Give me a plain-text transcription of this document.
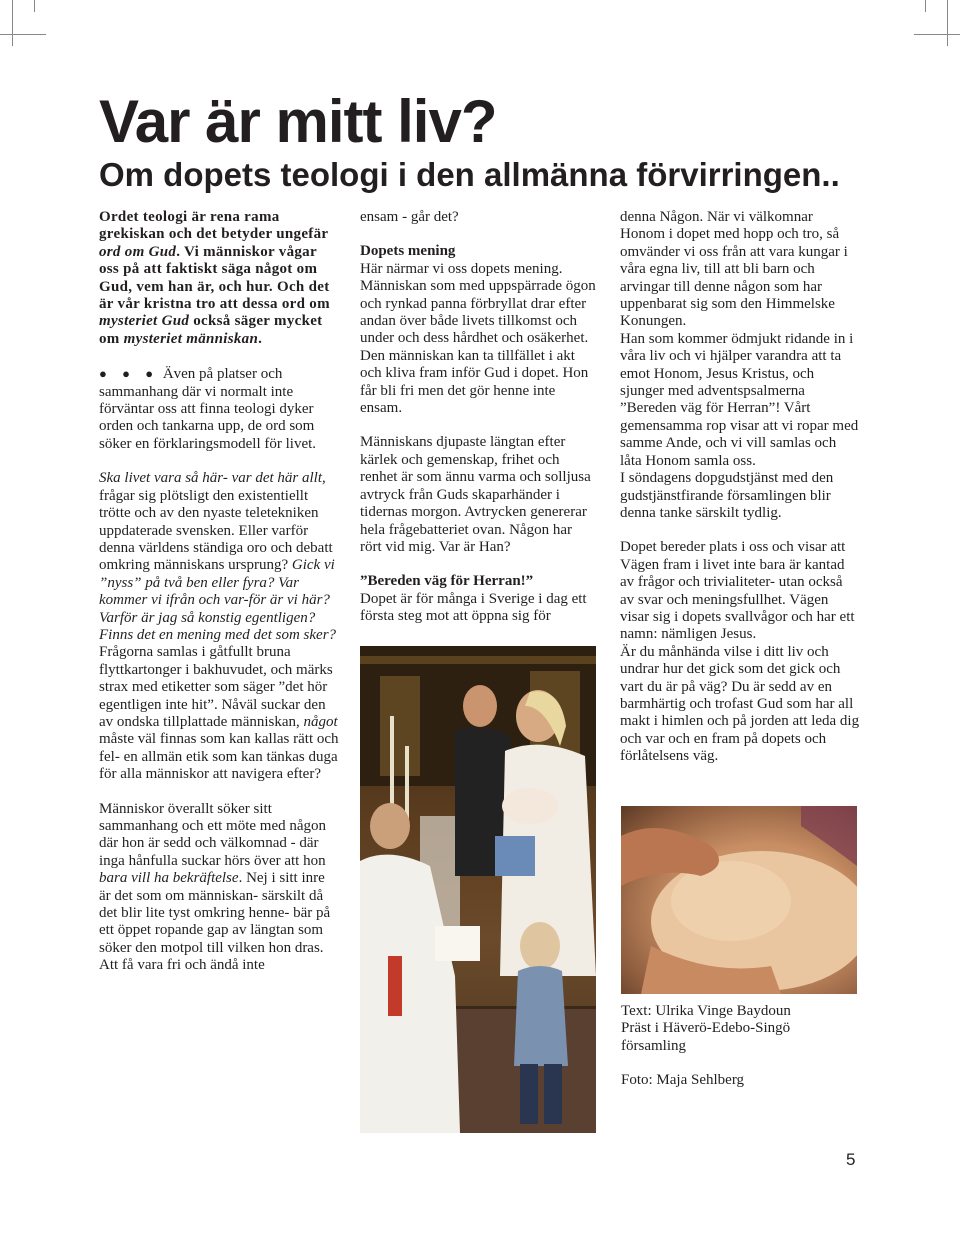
Var är mitt liv?
Om dopets teologi i den allmänna förvirringen..

Ordet teologi är rena rama grekiskan och det betyder ungefär ord om Gud. Vi människor vågar oss på att faktiskt säga något om Gud, vem han är, och hur. Och det är vår kristna tro att dessa ord om mysteriet Gud också säger mycket om mysteriet människan.

● ● ● Även på platser och sammanhang där vi normalt inte förväntar oss att finna teologi dyker orden och tankarna upp, de ord som söker en förklaringsmodell för livet.

Ska livet vara så här- var det här allt, frågar sig plötsligt den existentiellt trötte och av den nyaste teletekniken uppdaterade svensken. Eller varför denna världens ständiga oro och debatt omkring människans ursprung? Gick vi ”nyss” på två ben eller fyra? Var kommer vi ifrån och var-för är vi här? Varför är jag så konstig egentligen? Finns det en mening med det som sker? Frågorna samlas i gåtfullt bruna flyttkartonger i bakhuvudet, och märks strax med etiketter som säger ”det hör egentligen inte hit”. Nåväl suckar den av ondska tillplattade människan, något måste väl finnas som kan kallas rätt och fel- en allmän etik som kan tänkas duga för alla människor att navigera efter?

Människor överallt söker sitt sammanhang och ett möte med någon där hon är sedd och välkomnad - där inga hånfulla suckar hörs över att hon bara vill ha bekräftelse. Nej i sitt inre är det som om människan- särskilt då det blir lite tyst omkring henne- bär på ett öppet ropande gap av längtan som söker den motpol till vilken hon dras. Att få vara fri och ändå inte

ensam - går det?

Dopets mening

Här närmar vi oss dopets mening. Människan som med uppspärrade ögon och rynkad panna förbryllat drar efter andan över både livets tillkomst och under och dess hårdhet och osäkerhet. Den människan kan ta tillfället i akt och kliva fram inför Gud i dopet. Hon får bli fri men det gör henne inte ensam.

Människans djupaste längtan efter kärlek och gemenskap, frihet och renhet är som ännu varma och solljusa avtryck från Guds skaparhänder i tidernas morgon. Avtrycken genererar hela frågebatteriet ovan. Någon har rört vid mig. Var är Han?

”Bereden väg för Herran!”

Dopet är för många i Sverige i dag ett första steg mot att öppna sig för

denna Någon. När vi välkomnar Honom i dopet med hopp och tro, så omvänder vi oss från att vara kungar i våra egna liv, till att bli barn och arvingar till denne någon som har uppenbarat sig som den Himmelske Konungen.

Han som kommer ödmjukt ridande in i våra liv och vi hjälper varandra att ta emot Honom, Jesus Kristus, och sjunger med adventspsalmerna ”Bereden väg för Herran”! Vårt gemensamma rop visar att vi ropar med samme Ande, och vi vill samlas och låta Honom samla oss.

I söndagens dopgudstjänst med den gudstjänstfirande församlingen blir denna tanke särskilt tydlig.

Dopet bereder plats i oss och visar att Vägen fram i livet inte bara är kantad av frågor och trivialiteter- utan också av svar och meningsfullhet. Vägen visar sig i dopets svallvågor och har ett namn: nämligen Jesus.

Är du månhända vilse i ditt liv och undrar hur det gick som det gick och vart du är på väg? Du är sedd av en barmhärtig och trofast Gud som har all makt i himlen och på jorden att leda dig och var och en fram på dopets och förlåtelsens väg.

Text: Ulrika Vinge Baydoun

Präst i Häverö-Edebo-Singö

församling

Foto: Maja Sehlberg

5
